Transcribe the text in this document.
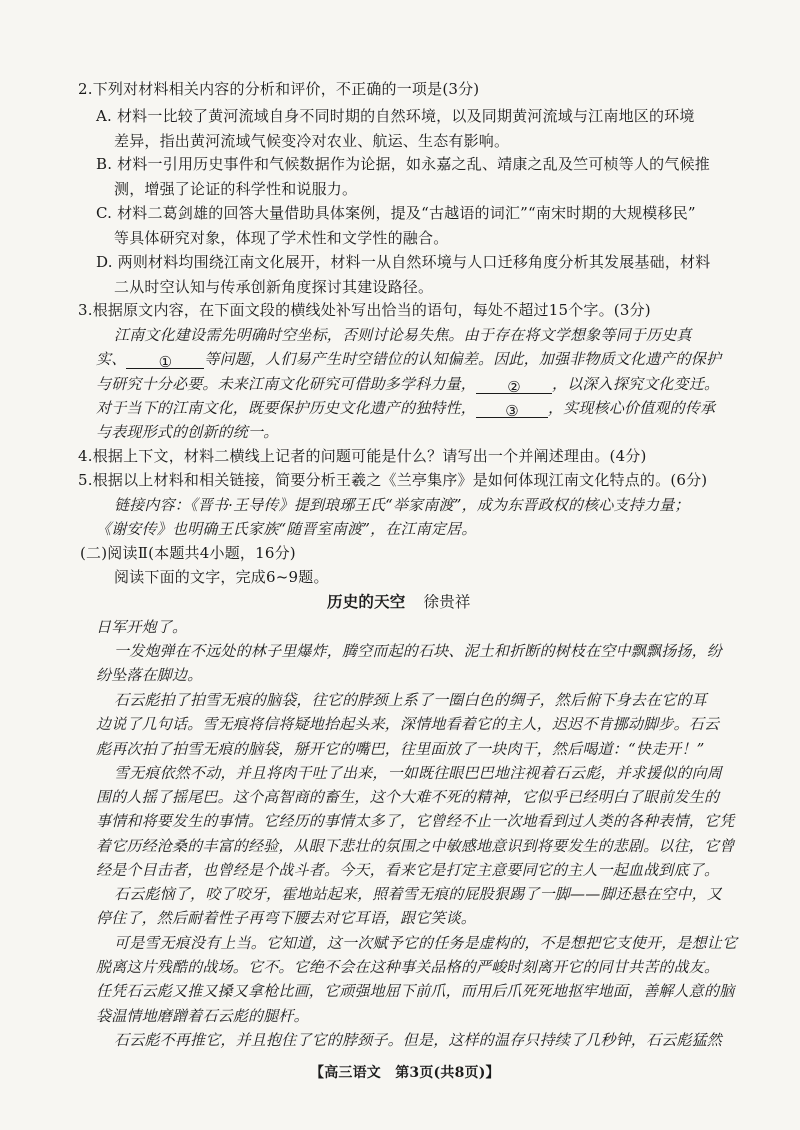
2.下列对材料相关内容的分析和评价，不正确的一项是(3分)
A. 材料一比较了黄河流域自身不同时期的自然环境，以及同期黄河流域与江南地区的环境
差异，指出黄河流域气候变冷对农业、航运、生态有影响。
B. 材料一引用历史事件和气候数据作为论据，如永嘉之乱、靖康之乱及竺可桢等人的气候推
测，增强了论证的科学性和说服力。
C. 材料二葛剑雄的回答大量借助具体案例，提及“古越语的词汇”“南宋时期的大规模移民”
等具体研究对象，体现了学术性和文学性的融合。
D. 两则材料均围绕江南文化展开，材料一从自然环境与人口迁移角度分析其发展基础，材料
二从时空认知与传承创新角度探讨其建设路径。
3.根据原文内容，在下面文段的横线处补写出恰当的语句，每处不超过15个字。(3分)
江南文化建设需先明确时空坐标，否则讨论易失焦。由于存在将文学想象等同于历史真
实、 ① 等问题，人们易产生时空错位的认知偏差。因此，加强非物质文化遗产的保护
与研究十分必要。未来江南文化研究可借助多学科力量， ② ，以深入探究文化变迁。
对于当下的江南文化，既要保护历史文化遗产的独特性， ③ ，实现核心价值观的传承
与表现形式的创新的统一。
4.根据上下文，材料二横线上记者的问题可能是什么？请写出一个并阐述理由。(4分)
5.根据以上材料和相关链接，简要分析王羲之《兰亭集序》是如何体现江南文化特点的。(6分)
链接内容：《晋书·王导传》提到琅琊王氏“举家南渡”，成为东晋政权的核心支持力量；
《谢安传》也明确王氏家族“随晋室南渡”，在江南定居。
(二)阅读Ⅱ(本题共4小题，16分)
阅读下面的文字，完成6~9题。
历史的天空 徐贵祥
日军开炮了。
一发炮弹在不远处的林子里爆炸，腾空而起的石块、泥土和折断的树枝在空中飘飘扬扬，纷
纷坠落在脚边。
石云彪拍了拍雪无痕的脑袋，往它的脖颈上系了一圈白色的绸子，然后俯下身去在它的耳
边说了几句话。雪无痕将信将疑地抬起头来，深情地看着它的主人，迟迟不肯挪动脚步。石云
彪再次拍了拍雪无痕的脑袋，掰开它的嘴巴，往里面放了一块肉干，然后喝道：“快走开！”
雪无痕依然不动，并且将肉干吐了出来，一如既往眼巴巴地注视着石云彪，并求援似的向周
围的人摇了摇尾巴。这个高智商的畜生，这个大难不死的精神，它似乎已经明白了眼前发生的
事情和将要发生的事情。它经历的事情太多了，它曾经不止一次地看到过人类的各种表情，它凭
着它历经沧桑的丰富的经验，从眼下悲壮的氛围之中敏感地意识到将要发生的悲剧。以往，它曾
经是个目击者，也曾经是个战斗者。今天，看来它是打定主意要同它的主人一起血战到底了。
石云彪恼了，咬了咬牙，霍地站起来，照着雪无痕的屁股狠踢了一脚——脚还悬在空中，又
停住了，然后耐着性子再弯下腰去对它耳语，跟它笑谈。
可是雪无痕没有上当。它知道，这一次赋予它的任务是虚构的，不是想把它支使开，是想让它
脱离这片残酷的战场。它不。它绝不会在这种事关品格的严峻时刻离开它的同甘共苦的战友。
任凭石云彪又推又搡又拿枪比画，它顽强地屈下前爪，而用后爪死死地抠牢地面，善解人意的脑
袋温情地磨蹭着石云彪的腿杆。
石云彪不再推它，并且抱住了它的脖颈子。但是，这样的温存只持续了几秒钟，石云彪猛然
【高三语文　第3页(共8页)】
